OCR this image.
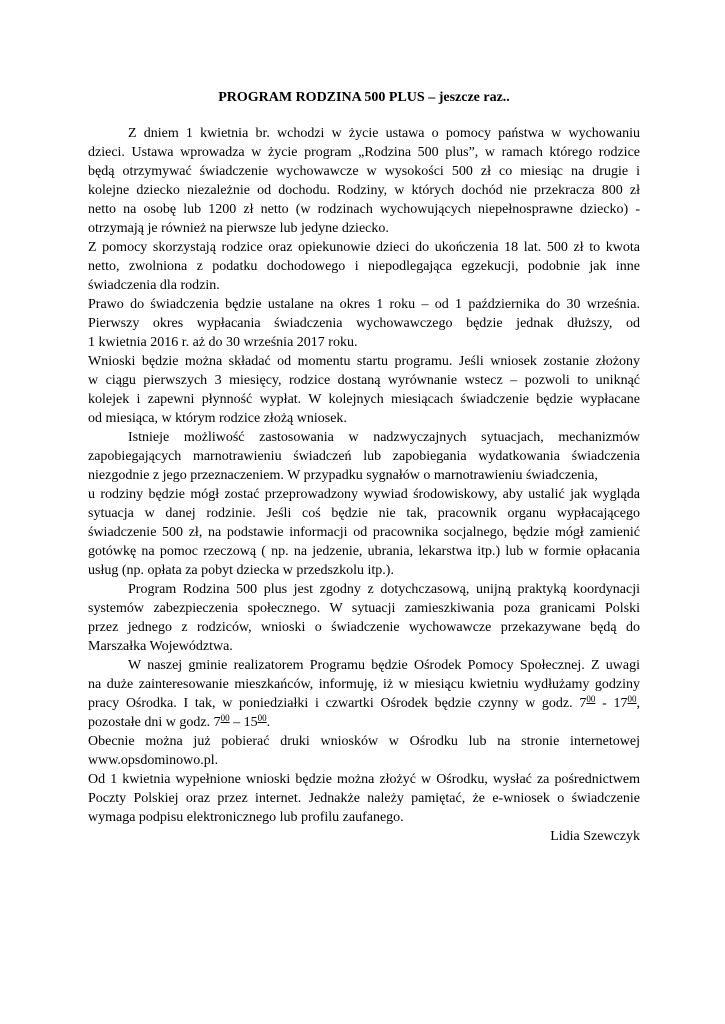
PROGRAM RODZINA 500 PLUS – jeszcze raz..

Z dniem 1 kwietnia br. wchodzi w życie ustawa o pomocy państwa w wychowaniu

dzieci. Ustawa wprowadza w życie program „Rodzina 500 plus”, w ramach którego rodzice

będą otrzymywać świadczenie wychowawcze w wysokości 500 zł co miesiąc na drugie i

kolejne dziecko niezależnie od dochodu. Rodziny, w których dochód nie przekracza 800 zł

netto na osobę lub 1200 zł netto (w rodzinach wychowujących niepełnosprawne dziecko) -

otrzymają je również na pierwsze lub jedyne dziecko.

Z pomocy skorzystają rodzice oraz opiekunowie dzieci do ukończenia 18 lat. 500 zł to kwota

netto, zwolniona z podatku dochodowego i niepodlegająca egzekucji, podobnie jak inne

świadczenia dla rodzin.

Prawo do świadczenia będzie ustalane na okres 1 roku – od 1 października do 30 września.

Pierwszy okres wypłacania świadczenia wychowawczego będzie jednak dłuższy, od

1 kwietnia 2016 r. aż do 30 września 2017 roku.

Wnioski będzie można składać od momentu startu programu. Jeśli wniosek zostanie złożony

w ciągu pierwszych 3 miesięcy, rodzice dostaną wyrównanie wstecz – pozwoli to uniknąć

kolejek i zapewni płynność wypłat. W kolejnych miesiącach świadczenie będzie wypłacane

od miesiąca, w którym rodzice złożą wniosek.

Istnieje możliwość zastosowania w nadzwyczajnych sytuacjach, mechanizmów

zapobiegających marnotrawieniu świadczeń lub zapobiegania wydatkowania świadczenia

niezgodnie z jego przeznaczeniem. W przypadku sygnałów o marnotrawieniu świadczenia,

u rodziny będzie mógł zostać przeprowadzony wywiad środowiskowy, aby ustalić jak wygląda

sytuacja w danej rodzinie. Jeśli coś będzie nie tak, pracownik organu wypłacającego

świadczenie 500 zł, na podstawie informacji od pracownika socjalnego, będzie mógł zamienić

gotówkę na pomoc rzeczową ( np. na jedzenie, ubrania, lekarstwa itp.) lub w formie opłacania

usług (np. opłata za pobyt dziecka w przedszkolu itp.).

Program Rodzina 500 plus jest zgodny z dotychczasową, unijną praktyką koordynacji

systemów zabezpieczenia społecznego. W sytuacji zamieszkiwania poza granicami Polski

przez jednego z rodziców, wnioski o świadczenie wychowawcze przekazywane będą do

Marszałka Województwa.

W naszej gminie realizatorem Programu będzie Ośrodek Pomocy Społecznej. Z uwagi

na duże zainteresowanie mieszkańców, informuję, iż w miesiącu kwietniu wydłużamy godziny

pracy Ośrodka. I tak, w poniedziałki i czwartki Ośrodek będzie czynny w godz. $7^{00} - 17^{00}$,

pozostałe dni w godz. $7^{00} - 15^{00}$.

Obecnie można już pobierać druki wniosków w Ośrodku lub na stronie internetowej

www.opsdominowo.pl.

Od 1 kwietnia wypełnione wnioski będzie można złożyć w Ośrodku, wysłać za pośrednictwem

Poczty Polskiej oraz przez internet. Jednakże należy pamiętać, że e-wniosek o świadczenie

wymaga podpisu elektronicznego lub profilu zaufanego.

Lidia Szewczyk
